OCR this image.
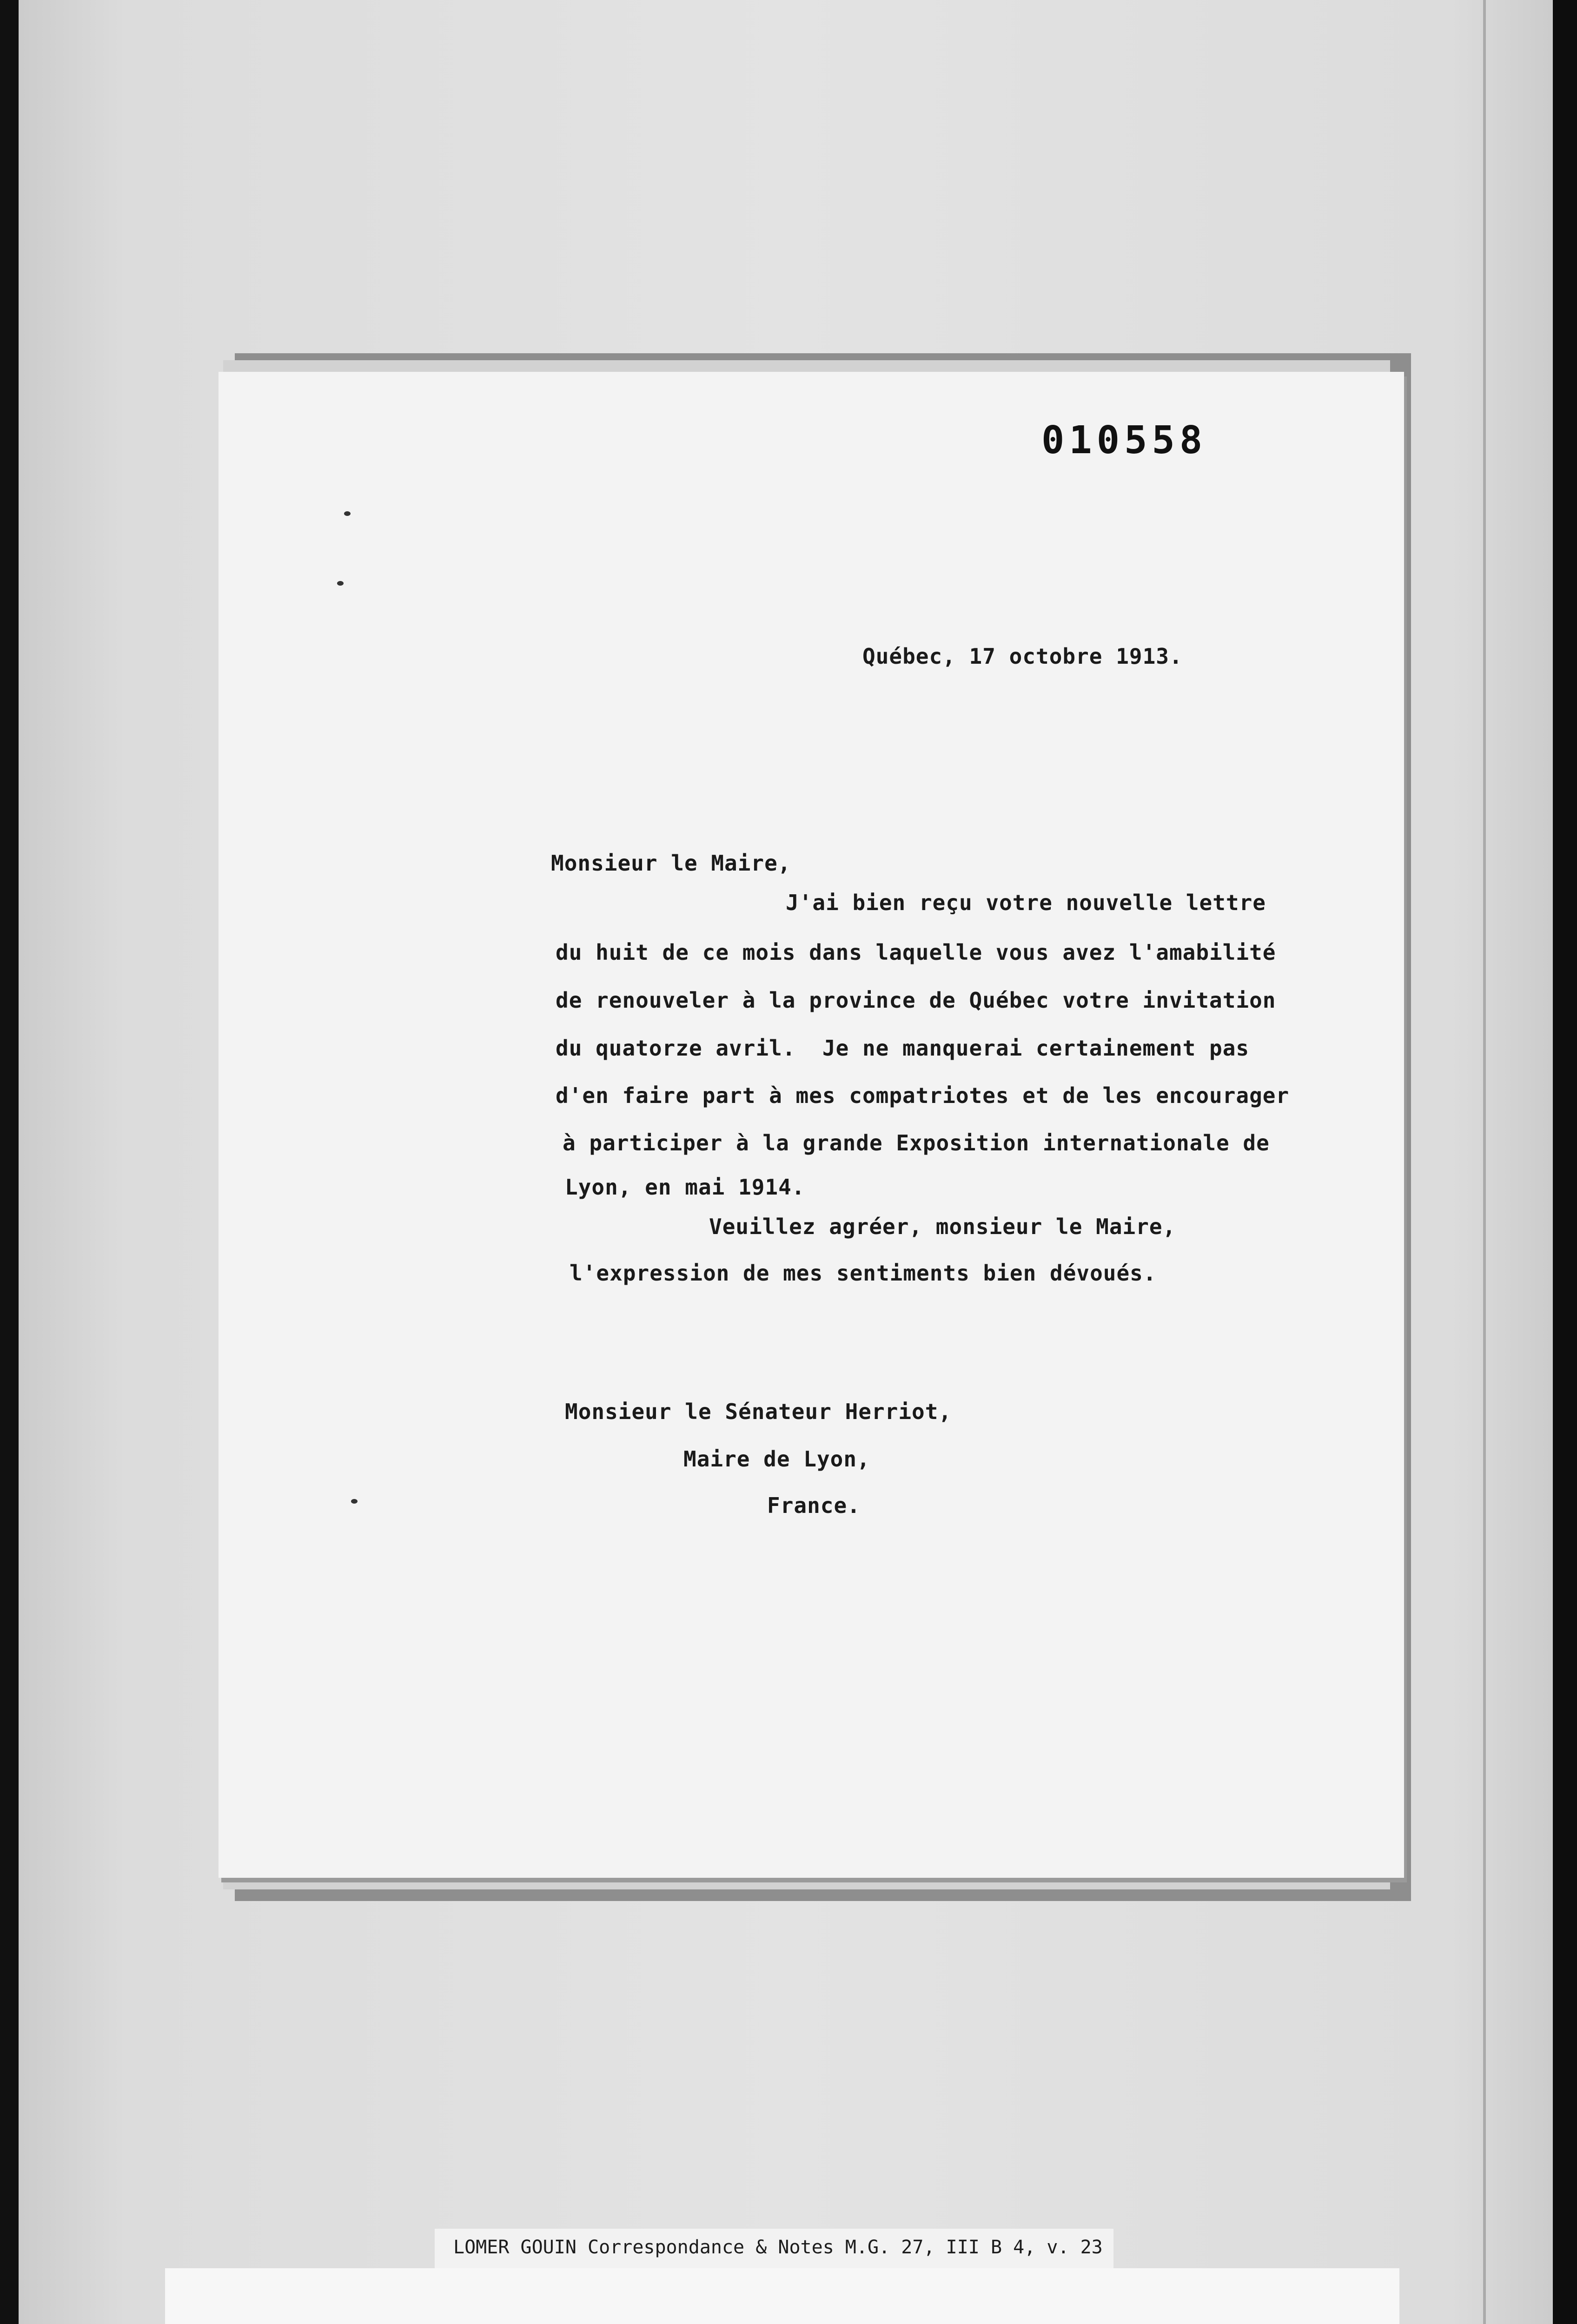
010558
Québec, 17 octobre 1913.
Monsieur le Maire,
J'ai bien reçu votre nouvelle lettre
du huit de ce mois dans laquelle vous avez l'amabilité
de renouveler à la province de Québec votre invitation
du quatorze avril.  Je ne manquerai certainement pas
d'en faire part à mes compatriotes et de les encourager
à participer à la grande Exposition internationale de
Lyon, en mai 1914.
Veuillez agréer, monsieur le Maire,
l'expression de mes sentiments bien dévoués.
Monsieur le Sénateur Herriot,
Maire de Lyon,
France.
LOMER GOUIN Correspondance & Notes M.G. 27, III B 4, v. 23
